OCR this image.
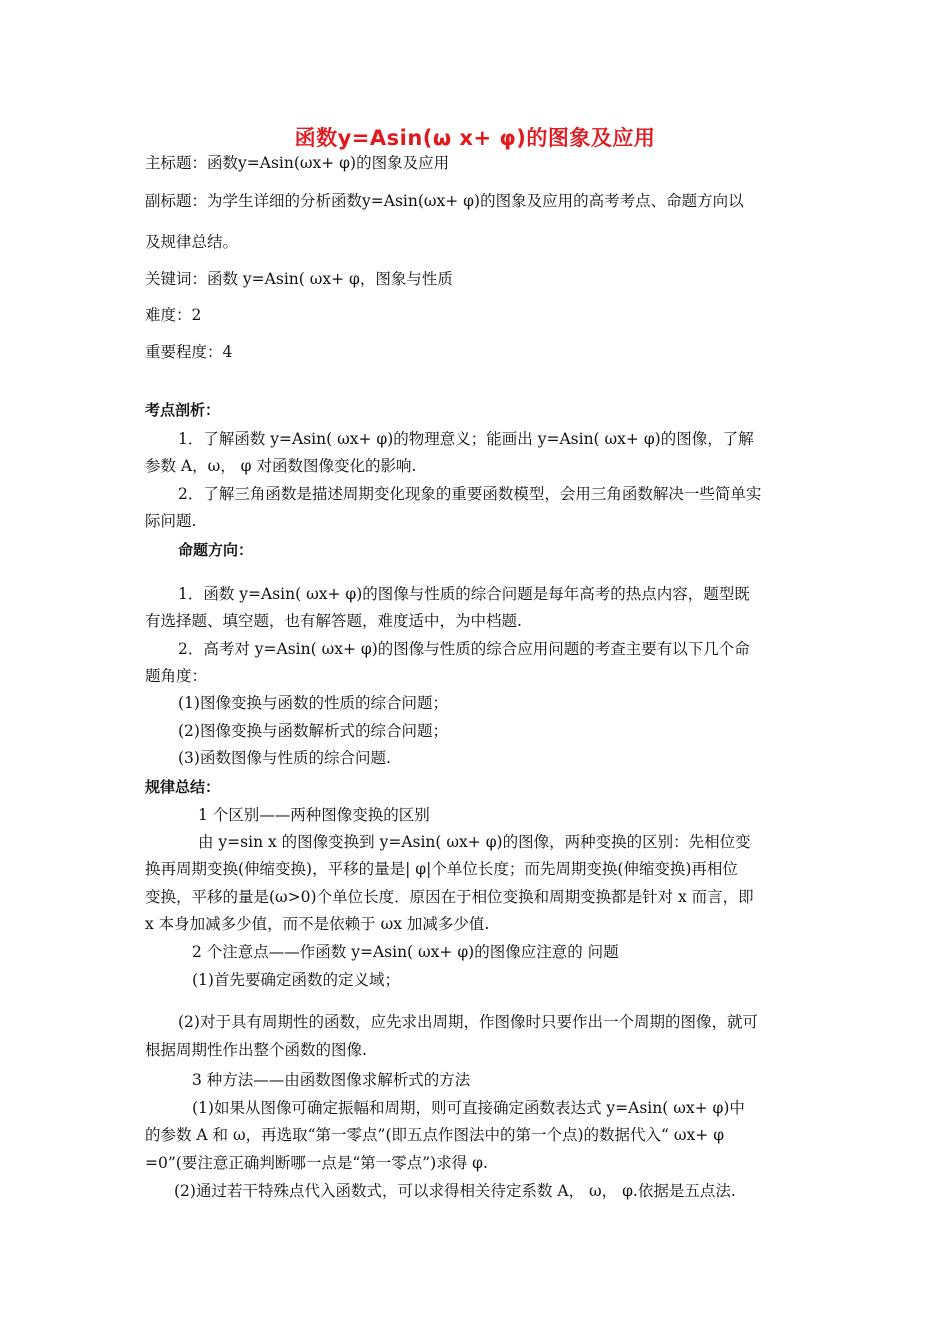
函数y=Asin(ω x+ φ)的图象及应用
主标题：函数y=Asin(ωx+ φ)的图象及应用
副标题：为学生详细的分析函数y=Asin(ωx+ φ)的图象及应用的高考考点、命题方向以
及规律总结。
关键词：函数 y=Asin( ωx+ φ，图象与性质
难度：2
重要程度：4
考点剖析：
1．了解函数 y=Asin( ωx+ φ)的物理意义；能画出 y=Asin( ωx+ φ)的图像，了解
参数 A，ω， φ 对函数图像变化的影响.
2．了解三角函数是描述周期变化现象的重要函数模型，会用三角函数解决一些简单实
际问题.
命题方向：
1．函数 y=Asin( ωx+ φ)的图像与性质的综合问题是每年高考的热点内容，题型既
有选择题、填空题，也有解答题，难度适中，为中档题.
2．高考对 y=Asin( ωx+ φ)的图像与性质的综合应用问题的考查主要有以下几个命
题角度：
(1)图像变换与函数的性质的综合问题；
(2)图像变换与函数解析式的综合问题；
(3)函数图像与性质的综合问题.
规律总结：
1 个区别——两种图像变换的区别
由 y=sin x 的图像变换到 y=Asin( ωx+ φ)的图像，两种变换的区别：先相位变
换再周期变换(伸缩变换)，平移的量是| φ|个单位长度；而先周期变换(伸缩变换)再相位
变换，平移的量是(ω>0)个单位长度．原因在于相位变换和周期变换都是针对 x 而言，即
x 本身加减多少值，而不是依赖于 ωx 加减多少值.
2 个注意点——作函数 y=Asin( ωx+ φ)的图像应注意的 问题
(1)首先要确定函数的定义域；
(2)对于具有周期性的函数，应先求出周期，作图像时只要作出一个周期的图像，就可
根据周期性作出整个函数的图像.
3 种方法——由函数图像求解析式的方法
(1)如果从图像可确定振幅和周期，则可直接确定函数表达式 y=Asin( ωx+ φ)中
的参数 A 和 ω，再选取“第一零点”(即五点作图法中的第一个点)的数据代入“ ωx+ φ
=0”(要注意正确判断哪一点是“第一零点”)求得 φ.
(2)通过若干特殊点代入函数式，可以求得相关待定系数 A， ω， φ.依据是五点法.
